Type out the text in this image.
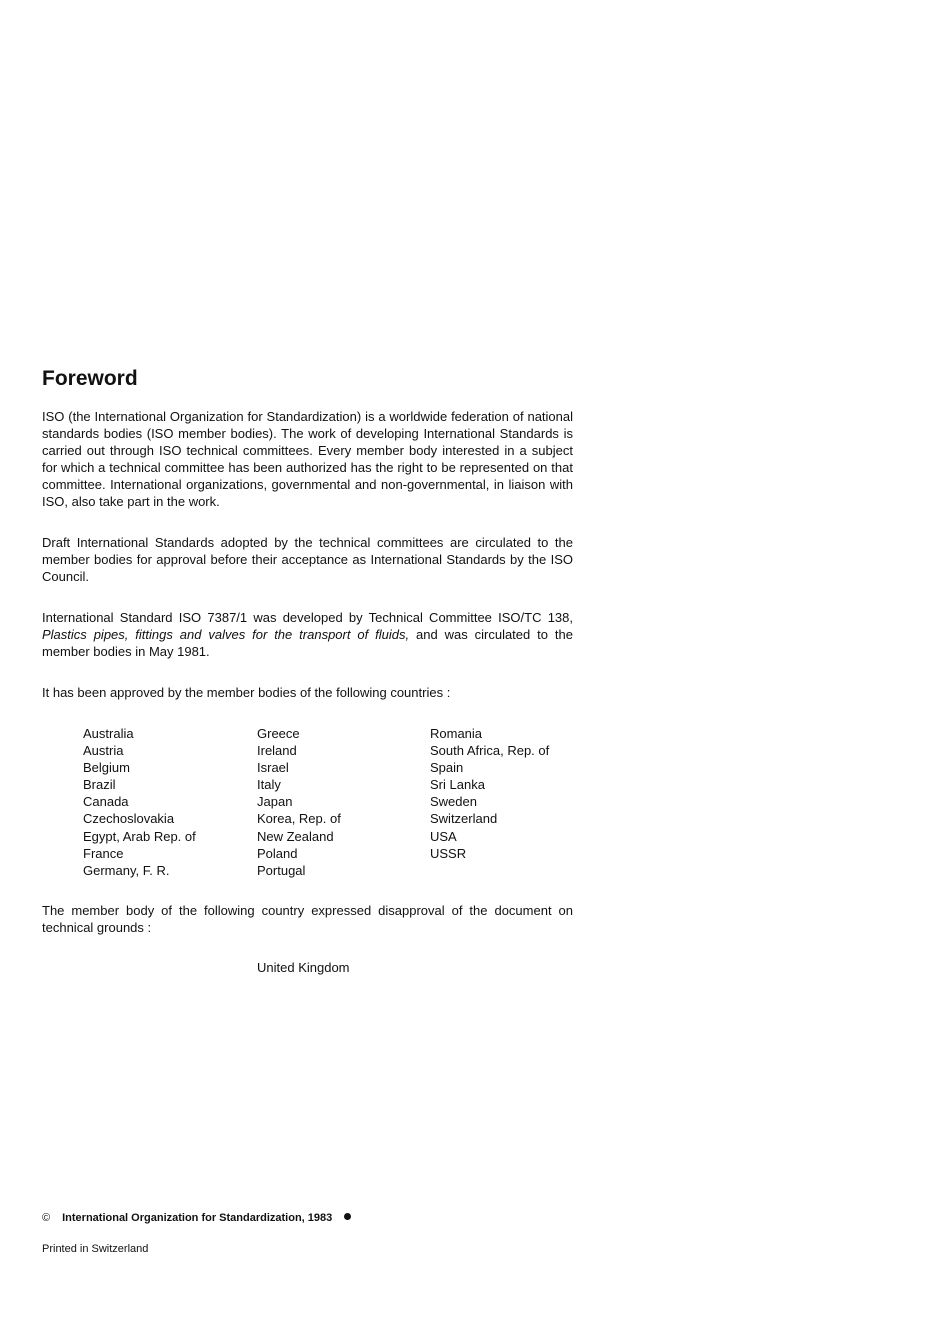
Foreword

ISO (the International Organization for Standardization) is a worldwide federation of national standards bodies (ISO member bodies). The work of developing International Standards is carried out through ISO technical committees. Every member body interested in a subject for which a technical committee has been authorized has the right to be represented on that committee. International organizations, governmental and non-governmental, in liaison with ISO, also take part in the work.

Draft International Standards adopted by the technical committees are circulated to the member bodies for approval before their acceptance as International Standards by the ISO Council.

International Standard ISO 7387/1 was developed by Technical Committee ISO/TC 138, Plastics pipes, fittings and valves for the transport of fluids, and was circulated to the member bodies in May 1981.

It has been approved by the member bodies of the following countries :

Australia
Austria
Belgium
Brazil
Canada
Czechoslovakia
Egypt, Arab Rep. of
France
Germany, F. R.
Greece
Ireland
Israel
Italy
Japan
Korea, Rep. of
New Zealand
Poland
Portugal
Romania
South Africa, Rep. of
Spain
Sri Lanka
Sweden
Switzerland
USA
USSR

The member body of the following country expressed disapproval of the document on technical grounds :

United Kingdom
© International Organization for Standardization, 1983
Printed in Switzerland
